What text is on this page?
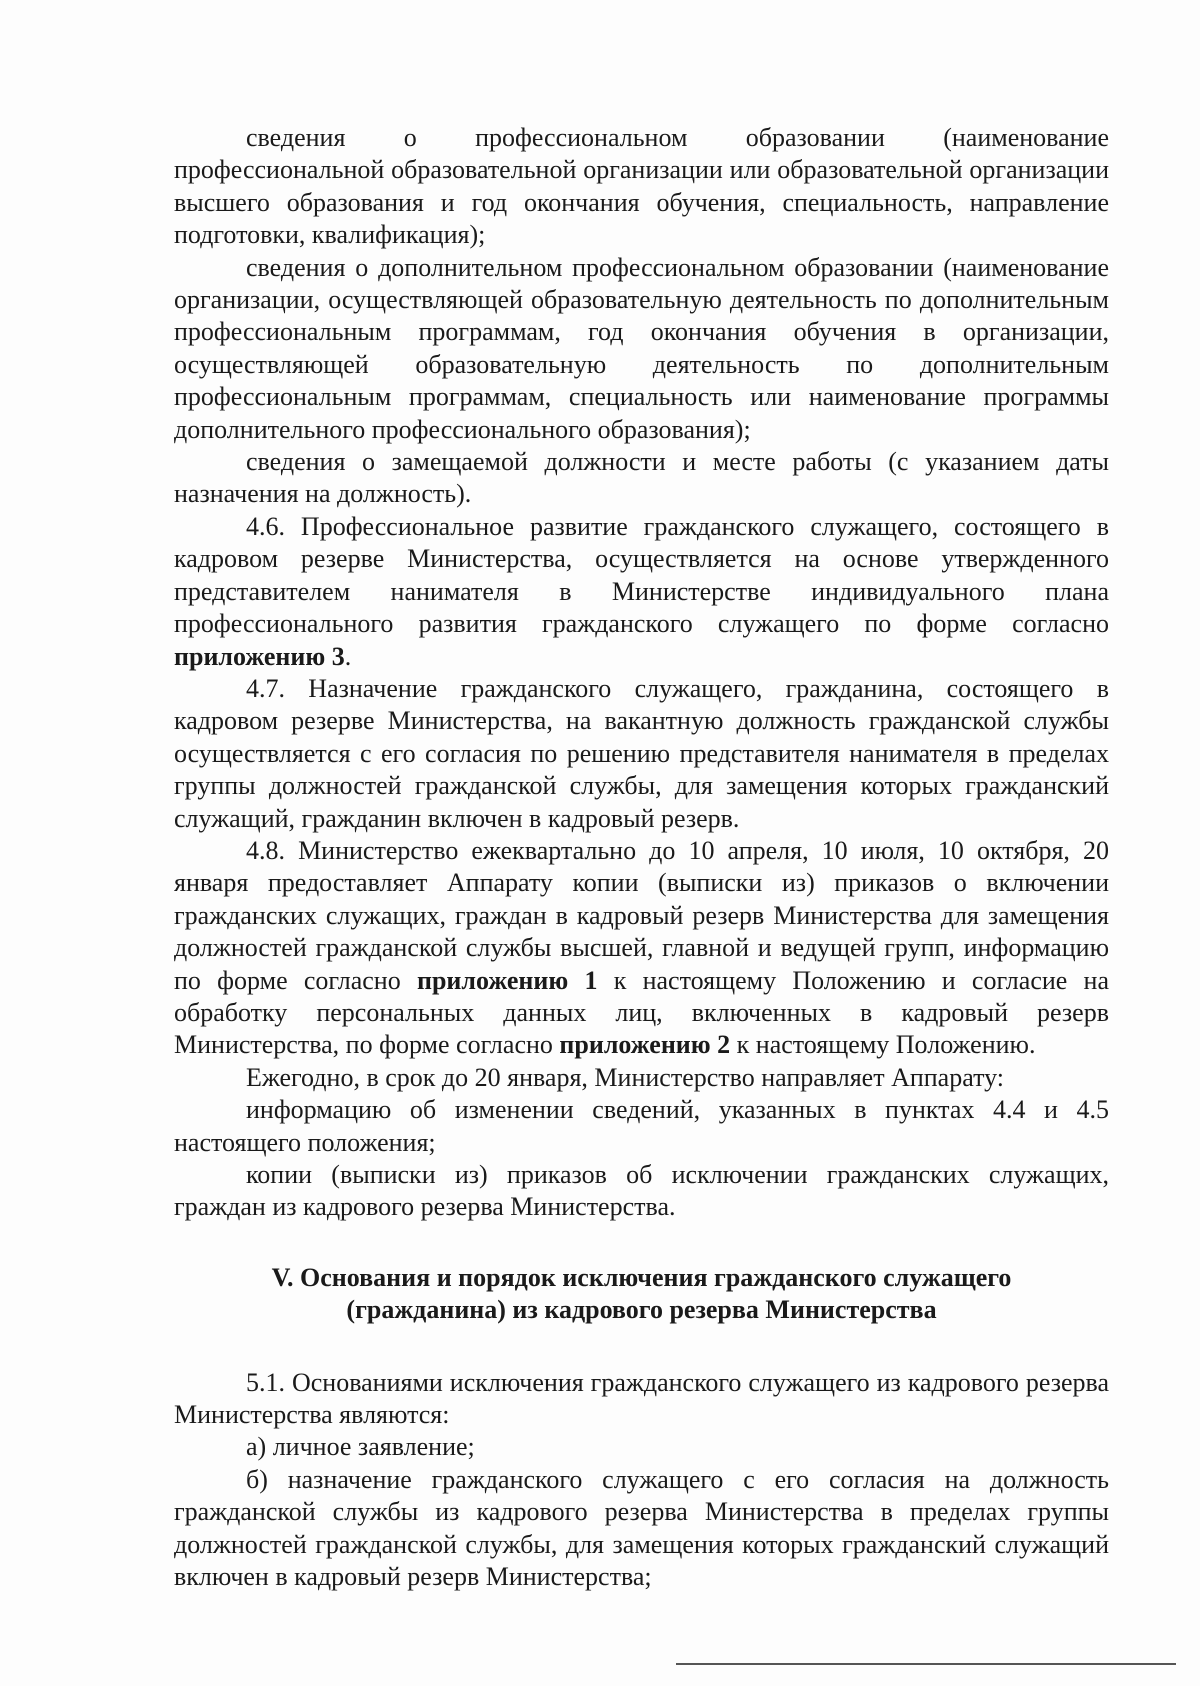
сведения о профессиональном образовании (наименование профессиональной образовательной организации или образовательной организации высшего образования и год окончания обучения, специальность, направление подготовки, квалификация);

сведения о дополнительном профессиональном образовании (наименование организации, осуществляющей образовательную деятельность по дополнительным профессиональным программам, год окончания обучения в организации, осуществляющей образовательную деятельность по дополнительным профессиональным программам, специальность или наименование программы дополнительного профессионального образования);

сведения о замещаемой должности и месте работы (с указанием даты назначения на должность).

4.6. Профессиональное развитие гражданского служащего, состоящего в кадровом резерве Министерства, осуществляется на основе утвержденного представителем нанимателя в Министерстве индивидуального плана профессионального развития гражданского служащего по форме согласно приложению 3.

4.7. Назначение гражданского служащего, гражданина, состоящего в кадровом резерве Министерства, на вакантную должность гражданской службы осуществляется с его согласия по решению представителя нанимателя в пределах группы должностей гражданской службы, для замещения которых гражданский служащий, гражданин включен в кадровый резерв.

4.8. Министерство ежеквартально до 10 апреля, 10 июля, 10 октября, 20 января предоставляет Аппарату копии (выписки из) приказов о включении гражданских служащих, граждан в кадровый резерв Министерства для замещения должностей гражданской службы высшей, главной и ведущей групп, информацию по форме согласно приложению 1 к настоящему Положению и согласие на обработку персональных данных лиц, включенных в кадровый резерв Министерства, по форме согласно приложению 2 к настоящему Положению.

Ежегодно, в срок до 20 января, Министерство направляет Аппарату:

информацию об изменении сведений, указанных в пунктах 4.4 и 4.5 настоящего положения;

копии (выписки из) приказов об исключении гражданских служащих, граждан из кадрового резерва Министерства.

V. Основания и порядок исключения гражданского служащего
(гражданина) из кадрового резерва Министерства

5.1. Основаниями исключения гражданского служащего из кадрового резерва Министерства являются:

а) личное заявление;

б) назначение гражданского служащего с его согласия на должность гражданской службы из кадрового резерва Министерства в пределах группы должностей гражданской службы, для замещения которых гражданский служащий включен в кадровый резерв Министерства;
